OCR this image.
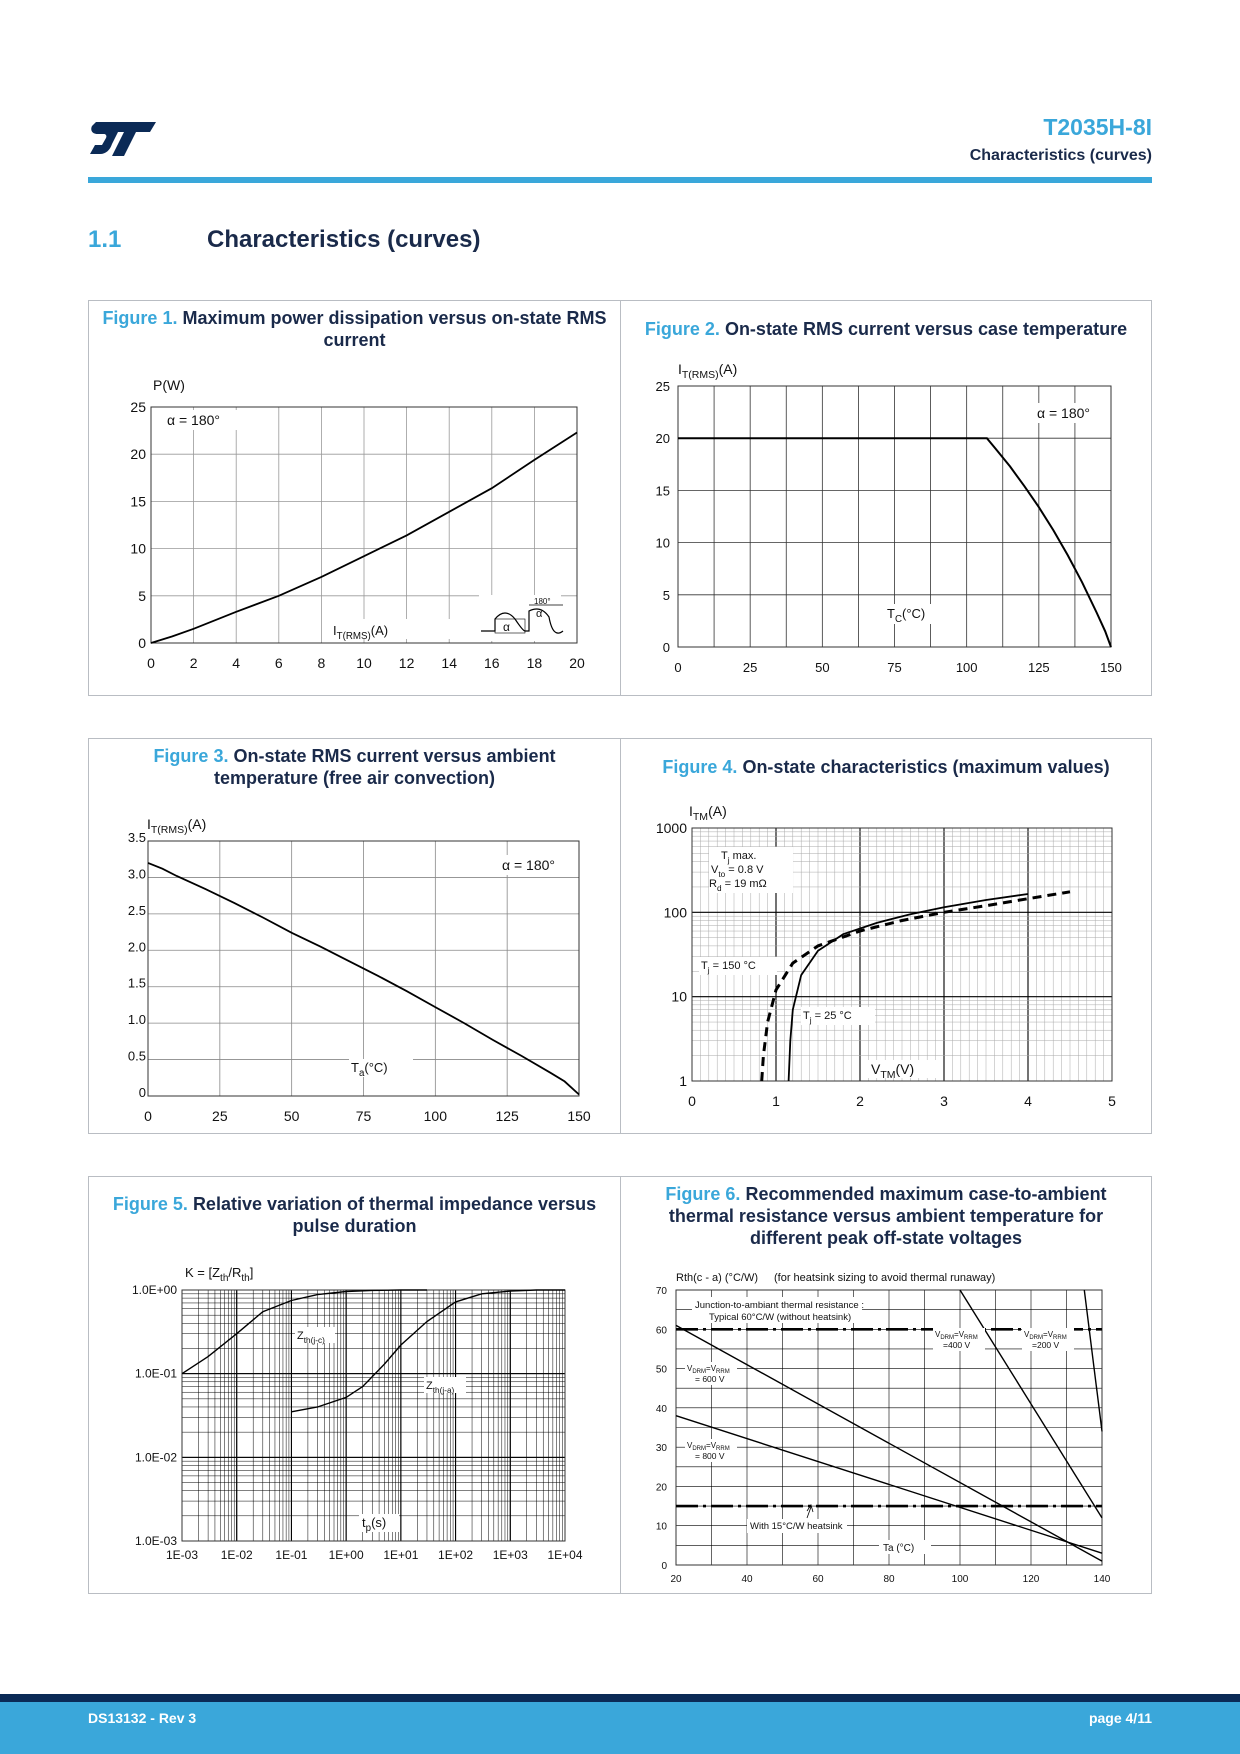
T2035H-8I
Characteristics (curves)
1.1	Characteristics (curves)
Figure 1. Maximum power dissipation versus on-state RMS current
0 2 4 6 8 10 12 14 16 18 20
0
5
10
15
20
25
P(W)
α = 180°
$I_{T(RMS)}(A)$
180°
α
α
Figure 2. On-state RMS current versus case temperature
0	25	50	75	100	125	150
0
5
10
15
20
25
$I_{T(RMS)}(A)$
α = 180°
$T_C(^\circ C)$
Figure 3. On-state RMS current versus ambient temperature (free air convection)
0	25	50	75	100	125	150
0
0.5
1.0
1.5
2.0
2.5
3.0
3.5
$I_{T(RMS)}(A)$
α = 180°
$T_a(^\circ C)$
Figure 4. On-state characteristics (maximum values)
0	1	2	3	4	5
1
10
100
1000
$I_{TM}(A)$
$T_j$ max.
$V_{to} = 0.8$ V
$R_d = 19$ mΩ
$T_j = 150$ °C
$T_j = 25$ °C
$V_{TM}(V)$
Figure 5. Relative variation of thermal impedance versus pulse duration
1E-03 1E-02 1E-01 1E+00 1E+01 1E+02 1E+03 1E+04
1.0E-03
1.0E-02
1.0E-01
1.0E+00
$K = [Z_{th}/R_{th}]$
$Z_{th(j-c)}$
$Z_{th(j-a)}$
$t_p(s)$
Figure 6. Recommended maximum case-to-ambient thermal resistance versus ambient temperature for different peak off-state voltages
20	40	60	80	100	120	140
0
10
20
30
40
50
60
70
Rth(c - a) (°C/W) (for heatsink sizing to avoid thermal runaway)
Junction-to-ambiant thermal resistance :
Typical 60°C/W (without heatsink)
With 15°C/W heatsink
$V_{DRM}=V_{RRM}$
=200 V
$V_{DRM}=V_{RRM}$
=400 V
$V_{DRM}=V_{RRM}$
= 600 V
$V_{DRM}=V_{RRM}$
= 800 V
Ta (°C)
DS13132 - Rev 3	page 4/11
